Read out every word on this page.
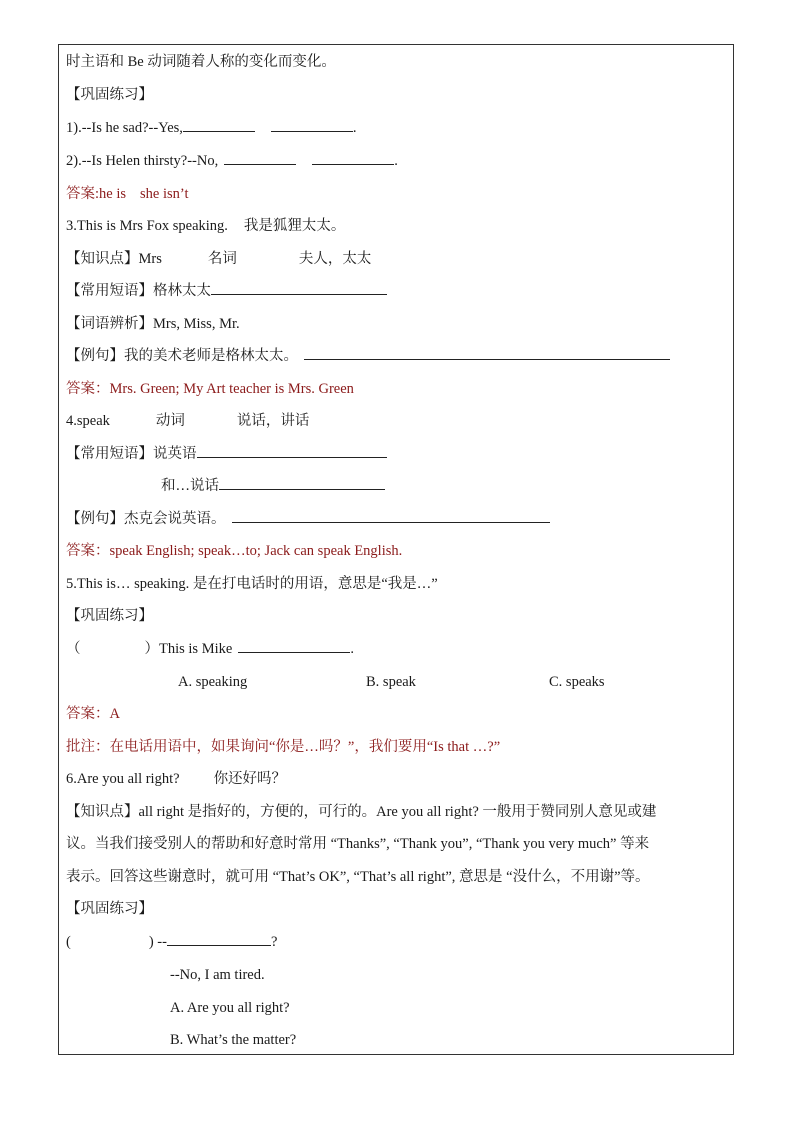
时主语和 Be 动词随着人称的变化而变化。
【巩固练习】
1).--Is he sad?--Yes,	.
2).--Is Helen thirsty?--No,	.
答案:he is she isn’t
3.This is Mrs Fox speaking. 我是狐狸太太。
【知识点】Mrs	名词	夫人，太太
【常用短语】格林太太
【词语辨析】Mrs, Miss, Mr.
【例句】我的美术老师是格林太太。
答案：Mrs. Green; My Art teacher is Mrs. Green
4.speak	动词	说话，讲话
【常用短语】说英语
和…说话
【例句】杰克会说英语。
答案：speak English; speak…to; Jack can speak English.
5.This is… speaking. 是在打电话时的用语，意思是“我是…”
【巩固练习】
（	）This is Mike	.
A. speaking	B. speak	C. speaks
答案：A
批注：在电话用语中，如果询问“你是…吗？”，我们要用“Is that …?”
6.Are you all right? 你还好吗？
【知识点】all right 是指好的，方便的，可行的。Are you all right? 一般用于赞同别人意见或建
议。当我们接受别人的帮助和好意时常用 “Thanks”, “Thank you”, “Thank you very much” 等来
表示。回答这些谢意时，就可用 “That’s OK”, “That’s all right”, 意思是 “没什么，不用谢”等。
【巩固练习】
(	) --	?
--No, I am tired.
A. Are you all right?
B. What’s the matter?
